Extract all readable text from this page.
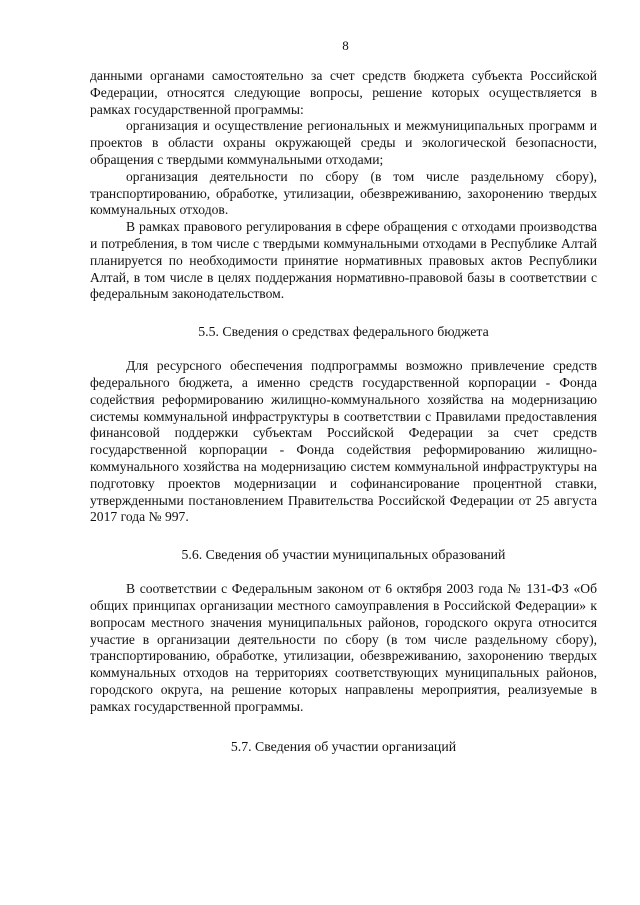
8

данными органами самостоятельно за счет средств бюджета субъекта Российской Федерации, относятся следующие вопросы, решение которых осуществляется в рамках государственной программы:

организация и осуществление региональных и межмуниципальных программ и проектов в области охраны окружающей среды и экологической безопасности, обращения с твердыми коммунальными отходами;

организация деятельности по сбору (в том числе раздельному сбору), транспортированию, обработке, утилизации, обезвреживанию, захоронению твердых коммунальных отходов.

В рамках правового регулирования в сфере обращения с отходами производства и потребления, в том числе с твердыми коммунальными отходами в Республике Алтай планируется по необходимости принятие нормативных правовых актов Республики Алтай, в том числе в целях поддержания нормативно-правовой базы в соответствии с федеральным законодательством.

5.5. Сведения о средствах федерального бюджета

Для ресурсного обеспечения подпрограммы возможно привлечение средств федерального бюджета, а именно средств государственной корпорации - Фонда содействия реформированию жилищно-коммунального хозяйства на модернизацию системы коммунальной инфраструктуры в соответствии с Правилами предоставления финансовой поддержки субъектам Российской Федерации за счет средств государственной корпорации - Фонда содействия реформированию жилищно-коммунального хозяйства на модернизацию систем коммунальной инфраструктуры на подготовку проектов модернизации и софинансирование процентной ставки, утвержденными постановлением Правительства Российской Федерации от 25 августа 2017 года № 997.

5.6. Сведения об участии муниципальных образований

В соответствии с Федеральным законом от 6 октября 2003 года № 131-ФЗ «Об общих принципах организации местного самоуправления в Российской Федерации» к вопросам местного значения муниципальных районов, городского округа относится участие в организации деятельности по сбору (в том числе раздельному сбору), транспортированию, обработке, утилизации, обезвреживанию, захоронению твердых коммунальных отходов на территориях соответствующих муниципальных районов, городского округа, на решение которых направлены мероприятия, реализуемые в рамках государственной программы.

5.7. Сведения об участии организаций
